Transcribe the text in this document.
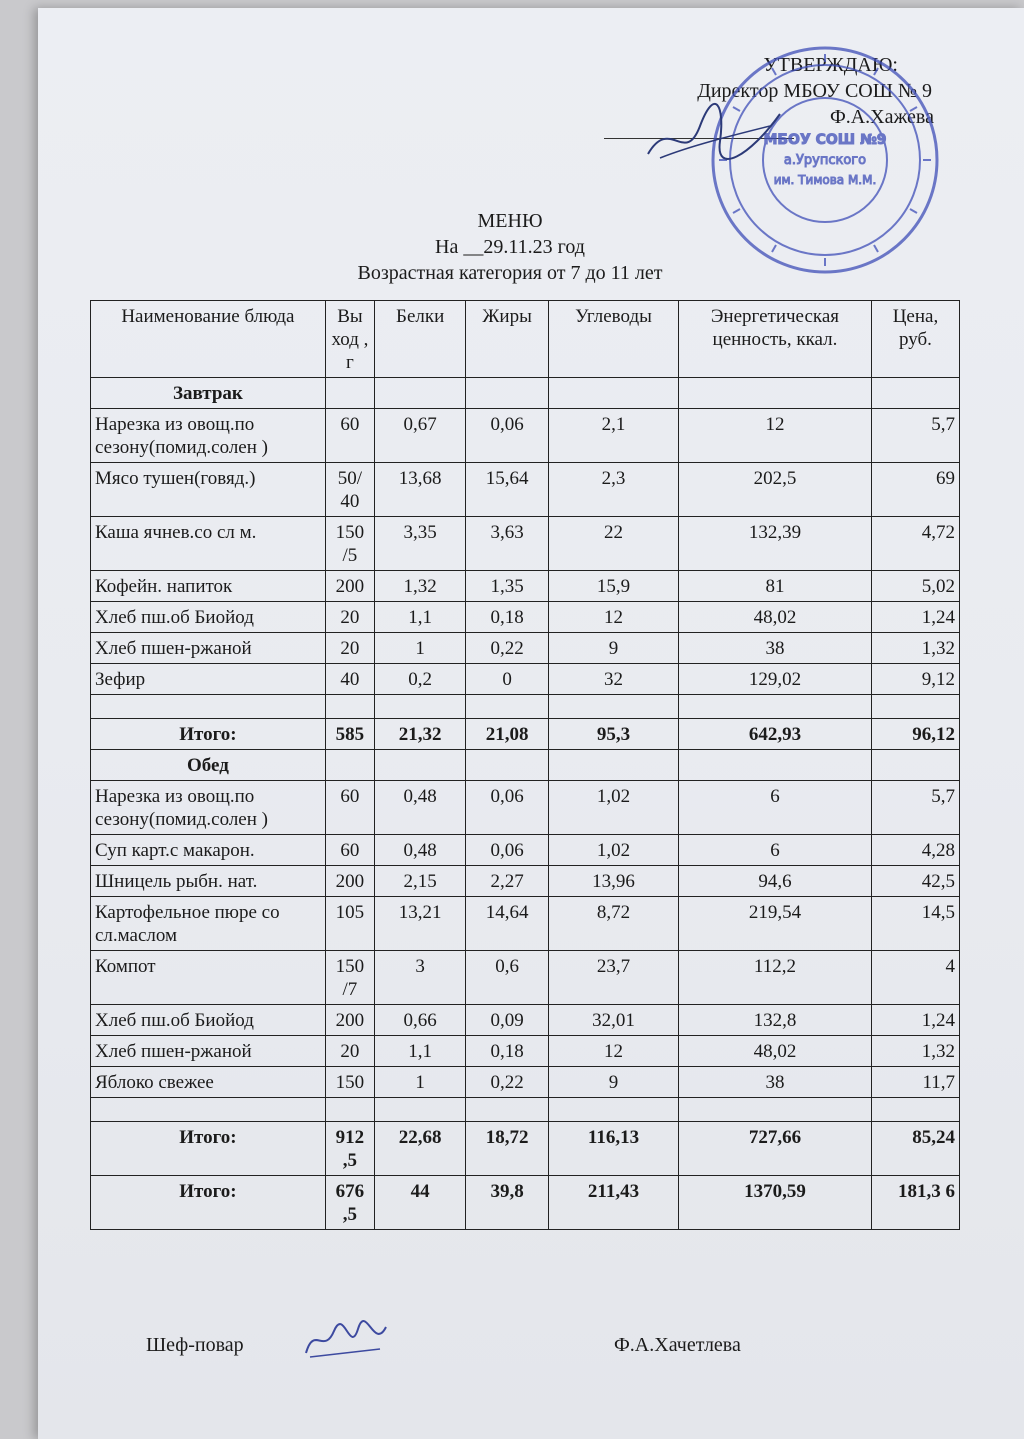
УТВЕРЖДАЮ:
Директор МБОУ СОШ № 9
Ф.А.Хажева
МБОУ СОШ №9
а.Урупского
им. Тимова М.М.
МЕНЮ
На __29.11.23 год
Возрастная категория от 7 до 11 лет
Наименование блюда	Вы ход , г	Белки	Жиры	Углеводы	Энергетическая ценность, ккал.	Цена, руб.
Завтрак						
Нарезка из овощ.по сезону(помид.солен )	60	0,67	0,06	2,1	12	5,7
Мясо тушен(говяд.)	50/ 40	13,68	15,64	2,3	202,5	69
Каша ячнев.со сл м.	150 /5	3,35	3,63	22	132,39	4,72
Кофейн. напиток	200	1,32	1,35	15,9	81	5,02
Хлеб пш.об Биойод	20	1,1	0,18	12	48,02	1,24
Хлеб пшен-ржаной	20	1	0,22	9	38	1,32
Зефир	40	0,2	0	32	129,02	9,12

Итого:	585	21,32	21,08	95,3	642,93	96,12
Обед						
Нарезка из овощ.по сезону(помид.солен )	60	0,48	0,06	1,02	6	5,7
Суп карт.с макарон.	60	0,48	0,06	1,02	6	4,28
Шницель рыбн. нат.	200	2,15	2,27	13,96	94,6	42,5
Картофельное пюре со сл.маслом	105	13,21	14,64	8,72	219,54	14,5
Компот	150 /7	3	0,6	23,7	112,2	4
Хлеб пш.об Биойод	200	0,66	0,09	32,01	132,8	1,24
Хлеб пшен-ржаной	20	1,1	0,18	12	48,02	1,32
Яблоко свежее	150	1	0,22	9	38	11,7

Итого:	912 ,5	22,68	18,72	116,13	727,66	85,24
Итого:	676 ,5	44	39,8	211,43	1370,59	181,3 6
Шеф-повар	Ф.А.Хачетлева
